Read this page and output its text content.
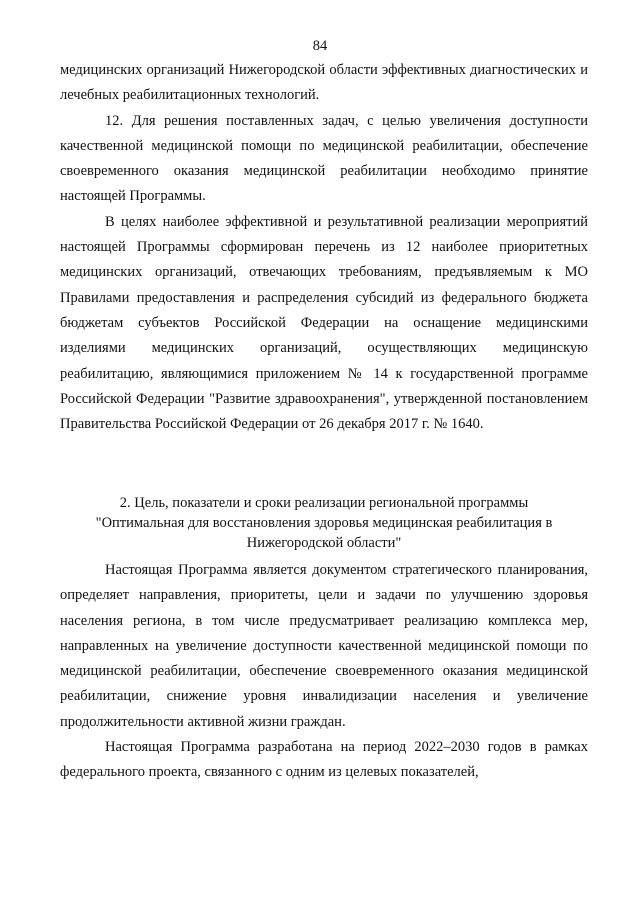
84

медицинских организаций Нижегородской области эффективных диагностических и лечебных реабилитационных технологий.

12. Для решения поставленных задач, с целью увеличения доступности качественной медицинской помощи по медицинской реабилитации, обеспечение своевременного оказания медицинской реабилитации необходимо принятие настоящей Программы.

В целях наиболее эффективной и результативной реализации мероприятий настоящей Программы сформирован перечень из 12 наиболее приоритетных медицинских организаций, отвечающих требованиям, предъявляемым к МО Правилами предоставления и распределения субсидий из федерального бюджета бюджетам субъектов Российской Федерации на оснащение медицинскими изделиями медицинских организаций, осуществляющих медицинскую реабилитацию, являющимися приложением № 14 к государственной программе Российской Федерации "Развитие здравоохранения", утвержденной постановлением Правительства Российской Федерации от 26 декабря 2017 г. № 1640.

2. Цель, показатели и сроки реализации региональной программы
"Оптимальная для восстановления здоровья медицинская реабилитация в
Нижегородской области"

Настоящая Программа является документом стратегического планирования, определяет направления, приоритеты, цели и задачи по улучшению здоровья населения региона, в том числе предусматривает реализацию комплекса мер, направленных на увеличение доступности качественной медицинской помощи по медицинской реабилитации, обеспечение своевременного оказания медицинской реабилитации, снижение уровня инвалидизации населения и увеличение продолжительности активной жизни граждан.

Настоящая Программа разработана на период 2022–2030 годов в рамках федерального проекта, связанного с одним из целевых показателей,
